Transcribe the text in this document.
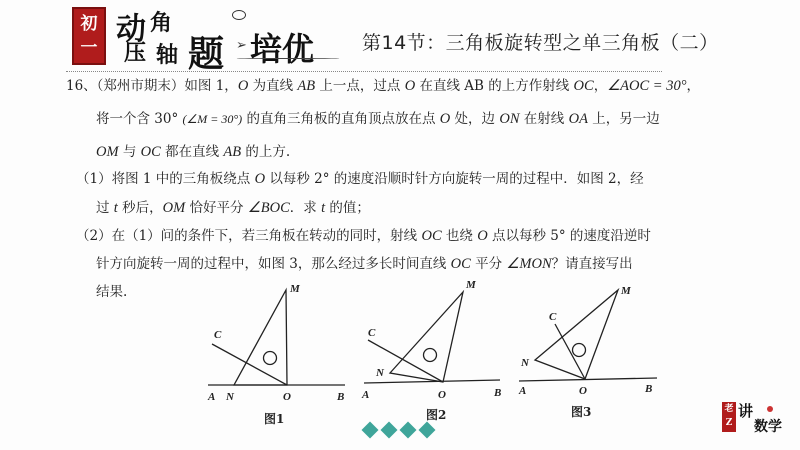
初
一
动 角
压 轴 题 培优
➢	第14节：三角板旋转型之单三角板（二）
16、（郑州市期末）如图 1，O 为直线 AB 上一点，过点 O 在直线 AB 的上方作射线 OC，∠AOC = 30°，
将一个含 30° (∠M = 30°) 的直角三角板的直角顶点放在点 O 处，边 ON 在射线 OA 上，另一边
OM 与 OC 都在直线 AB 的上方.
（1）将图 1 中的三角板绕点 O 以每秒 2° 的速度沿顺时针方向旋转一周的过程中．如图 2，经
过 t 秒后，OM 恰好平分 ∠BOC．求 t 的值；
（2）在（1）问的条件下，若三角板在转动的同时，射线 OC 也绕 O 点以每秒 5° 的速度沿逆时
针方向旋转一周的过程中，如图 3，那么经过多长时间直线 OC 平分 ∠MON？请直接写出
结果.	M
C
N	O
A	B
图1
M
C
N
O
A	B
图2
M
C
N
O
A	B
图3	老Z
讲
数学
